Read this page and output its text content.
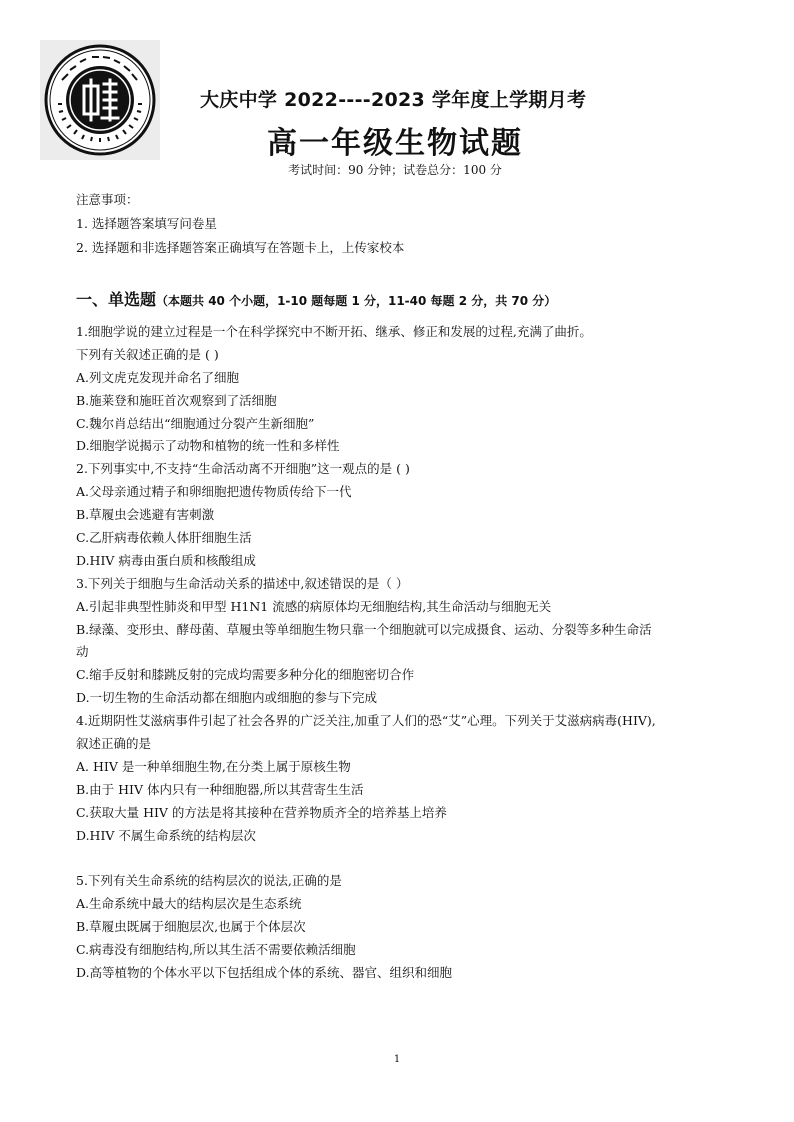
大庆中学 2022----2023 学年度上学期月考
高一年级生物试题
考试时间：90 分钟；试卷总分：100 分
注意事项：
1. 选择题答案填写问卷星
2. 选择题和非选择题答案正确填写在答题卡上，上传家校本
一、单选题（本题共 40 个小题，1-10 题每题 1 分，11-40 每题 2 分，共 70 分）
1.细胞学说的建立过程是一个在科学探究中不断开拓、继承、修正和发展的过程,充满了曲折。
下列有关叙述正确的是 ( )
A.列文虎克发现并命名了细胞
B.施莱登和施旺首次观察到了活细胞
C.魏尔肖总结出“细胞通过分裂产生新细胞”
D.细胞学说揭示了动物和植物的统一性和多样性
2.下列事实中,不支持“生命活动离不开细胞”这一观点的是 ( )
A.父母亲通过精子和卵细胞把遗传物质传给下一代
B.草履虫会逃避有害刺激
C.乙肝病毒依赖人体肝细胞生活
D.HIV 病毒由蛋白质和核酸组成
3.下列关于细胞与生命活动关系的描述中,叙述错误的是（ ）
A.引起非典型性肺炎和甲型 H1N1 流感的病原体均无细胞结构,其生命活动与细胞无关
B.绿藻、变形虫、酵母菌、草履虫等单细胞生物只靠一个细胞就可以完成摄食、运动、分裂等多种生命活
动
C.缩手反射和膝跳反射的完成均需要多种分化的细胞密切合作
D.一切生物的生命活动都在细胞内或细胞的参与下完成
4.近期阴性艾滋病事件引起了社会各界的广泛关注,加重了人们的恐“艾”心理。下列关于艾滋病病毒(HIV),
叙述正确的是
A. HIV 是一种单细胞生物,在分类上属于原核生物
B.由于 HIV 体内只有一种细胞器,所以其营寄生生活
C.获取大量 HIV 的方法是将其接种在营养物质齐全的培养基上培养
D.HIV 不属生命系统的结构层次
5.下列有关生命系统的结构层次的说法,正确的是
A.生命系统中最大的结构层次是生态系统
B.草履虫既属于细胞层次,也属于个体层次
C.病毒没有细胞结构,所以其生活不需要依赖活细胞
D.高等植物的个体水平以下包括组成个体的系统、器官、组织和细胞
1
